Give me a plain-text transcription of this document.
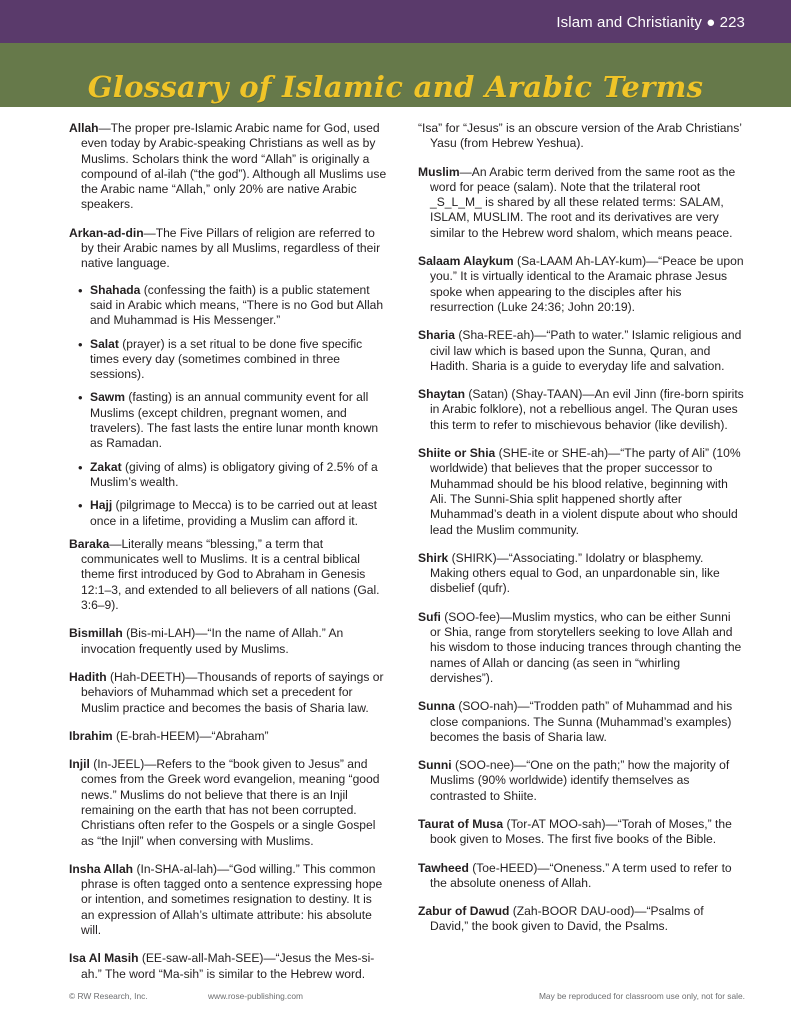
Islam and Christianity ● 223
Glossary of Islamic and Arabic Terms

Allah—The proper pre-Islamic Arabic name for God, used even today by Arabic-speaking Christians as well as by Muslims. Scholars think the word “Allah” is originally a compound of al-ilah (“the god”). Although all Muslims use the Arabic name “Allah,” only 20% are native Arabic speakers.

Arkan-ad-din—The Five Pillars of religion are referred to by their Arabic names by all Muslims, regardless of their native language.

• Shahada (confessing the faith) is a public statement said in Arabic which means, “There is no God but Allah and Muhammad is His Messenger.”
• Salat (prayer) is a set ritual to be done five specific times every day (sometimes combined in three sessions).
• Sawm (fasting) is an annual community event for all Muslims (except children, pregnant women, and travelers). The fast lasts the entire lunar month known as Ramadan.
• Zakat (giving of alms) is obligatory giving of 2.5% of a Muslim’s wealth.
• Hajj (pilgrimage to Mecca) is to be carried out at least once in a lifetime, providing a Muslim can afford it.

Baraka—Literally means “blessing,” a term that communicates well to Muslims. It is a central biblical theme first introduced by God to Abraham in Genesis 12:1–3, and extended to all believers of all nations (Gal. 3:6–9).

Bismillah (Bis-mi-LAH)—“In the name of Allah.” An invocation frequently used by Muslims.

Hadith (Hah-DEETH)—Thousands of reports of sayings or behaviors of Muhammad which set a precedent for Muslim practice and becomes the basis of Sharia law.

Ibrahim (E-brah-HEEM)—“Abraham”

Injil (In-JEEL)—Refers to the “book given to Jesus” and comes from the Greek word evangelion, meaning “good news.” Muslims do not believe that there is an Injil remaining on the earth that has not been corrupted. Christians often refer to the Gospels or a single Gospel as “the Injil” when conversing with Muslims.

Insha Allah (In-SHA-al-lah)—“God willing.” This common phrase is often tagged onto a sentence expressing hope or intention, and sometimes resignation to destiny. It is an expression of Allah’s ultimate attribute: his absolute will.

Isa Al Masih (EE-saw-all-Mah-SEE)—“Jesus the Mes-si-ah.” The word “Ma-sih” is similar to the Hebrew word.

“Isa” for “Jesus” is an obscure version of the Arab Christians’ Yasu (from Hebrew Yeshua).

Muslim—An Arabic term derived from the same root as the word for peace (salam). Note that the trilateral root _S_L_M_ is shared by all these related terms: SALAM, ISLAM, MUSLIM. The root and its derivatives are very similar to the Hebrew word shalom, which means peace.

Salaam Alaykum (Sa-LAAM Ah-LAY-kum)—“Peace be upon you.” It is virtually identical to the Aramaic phrase Jesus spoke when appearing to the disciples after his resurrection (Luke 24:36; John 20:19).

Sharia (Sha-REE-ah)—“Path to water.” Islamic religious and civil law which is based upon the Sunna, Quran, and Hadith. Sharia is a guide to everyday life and salvation.

Shaytan (Satan) (Shay-TAAN)—An evil Jinn (fire-born spirits in Arabic folklore), not a rebellious angel. The Quran uses this term to refer to mischievous behavior (like devilish).

Shiite or Shia (SHE-ite or SHE-ah)—“The party of Ali” (10% worldwide) that believes that the proper successor to Muhammad should be his blood relative, beginning with Ali. The Sunni-Shia split happened shortly after Muhammad’s death in a violent dispute about who should lead the Muslim community.

Shirk (SHIRK)—“Associating.” Idolatry or blasphemy. Making others equal to God, an unpardonable sin, like disbelief (qufr).

Sufi (SOO-fee)—Muslim mystics, who can be either Sunni or Shia, range from storytellers seeking to love Allah and his wisdom to those inducing trances through chanting the names of Allah or dancing (as seen in “whirling dervishes”).

Sunna (SOO-nah)—“Trodden path” of Muhammad and his close companions. The Sunna (Muhammad’s examples) becomes the basis of Sharia law.

Sunni (SOO-nee)—“One on the path;” how the majority of Muslims (90% worldwide) identify themselves as contrasted to Shiite.

Taurat of Musa (Tor-AT MOO-sah)—“Torah of Moses,” the book given to Moses. The first five books of the Bible.

Tawheed (Toe-HEED)—“Oneness.” A term used to refer to the absolute oneness of Allah.

Zabur of Dawud (Zah-BOOR DAU-ood)—“Psalms of David,” the book given to David, the Psalms.

© RW Research, Inc.	www.rose-publishing.com	May be reproduced for classroom use only, not for sale.
